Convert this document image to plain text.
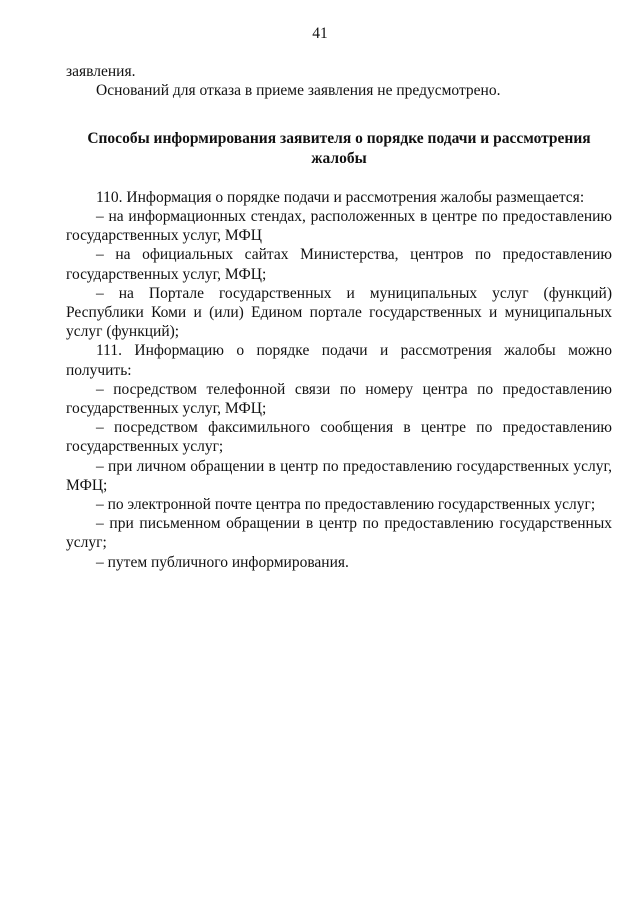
41

заявления.

Оснований для отказа в приеме заявления не предусмотрено.

Способы информирования заявителя о порядке подачи и рассмотрения жалобы

110. Информация о порядке подачи и рассмотрения жалобы размещается:

– на информационных стендах, расположенных в центре по предоставлению государственных услуг, МФЦ

– на официальных сайтах Министерства, центров по предоставлению государственных услуг, МФЦ;

– на Портале государственных и муниципальных услуг (функций) Республики Коми и (или) Едином портале государственных и муниципальных услуг (функций);

111. Информацию о порядке подачи и рассмотрения жалобы можно получить:

– посредством телефонной связи по номеру центра по предоставлению государственных услуг, МФЦ;

– посредством факсимильного сообщения в центре по предоставлению государственных услуг;

– при личном обращении в центр по предоставлению государственных услуг, МФЦ;

– по электронной почте центра по предоставлению государственных услуг;

– при письменном обращении в центр по предоставлению государственных услуг;

– путем публичного информирования.
